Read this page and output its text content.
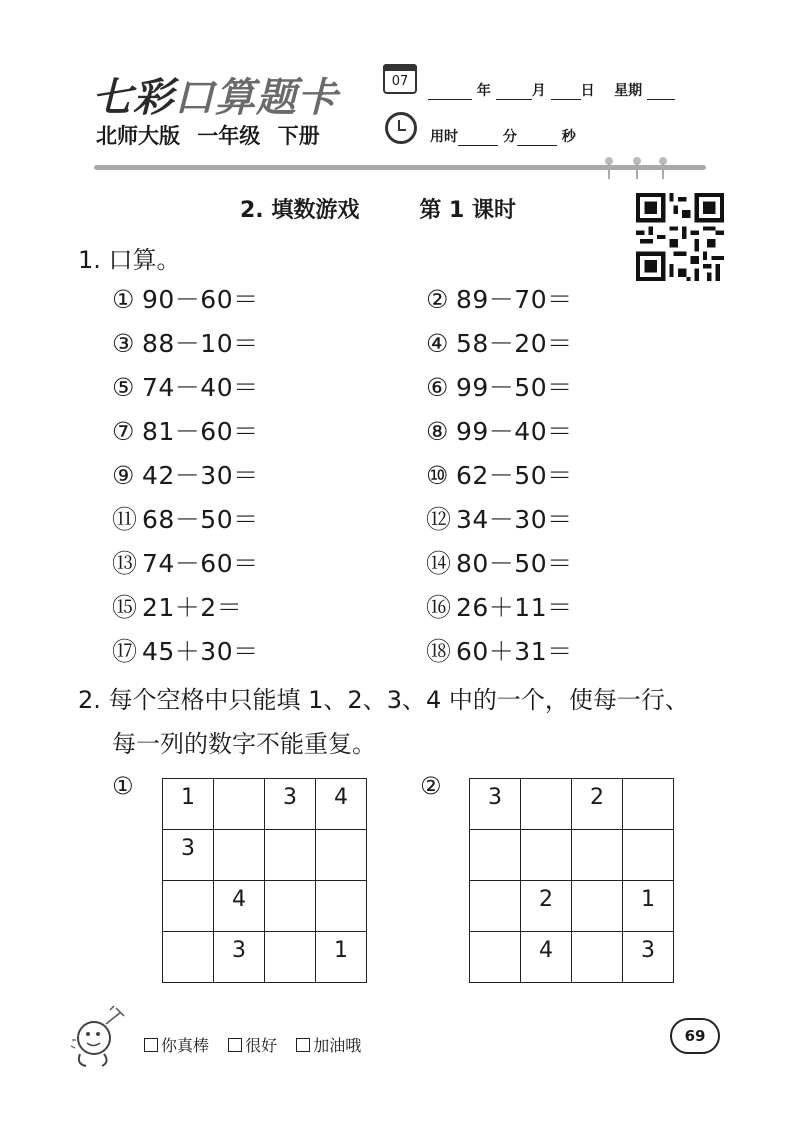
七彩口算题卡
北师大版 一年级 下册
07
年	月 日 星期
用时	分	秒
2. 填数游戏	第 1 课时
1. 口算。
① 90－60＝	② 89－70＝
③ 88－10＝	④ 58－20＝
⑤ 74－40＝	⑥ 99－50＝
⑦ 81－60＝	⑧ 99－40＝
⑨ 42－30＝	⑩ 62－50＝
⑪ 68－50＝	⑫ 34－30＝
⑬ 74－60＝	⑭ 80－50＝
⑮ 21＋2＝	⑯ 26＋11＝
⑰ 45＋30＝	⑱ 60＋31＝
2. 每个空格中只能填 1、2、3、4 中的一个，使每一行、
每一列的数字不能重复。
① 1		3	4
3			
	4		
	3		1
② 3		2	

	2		1
	4		3
你真棒 很好 加油哦	69
